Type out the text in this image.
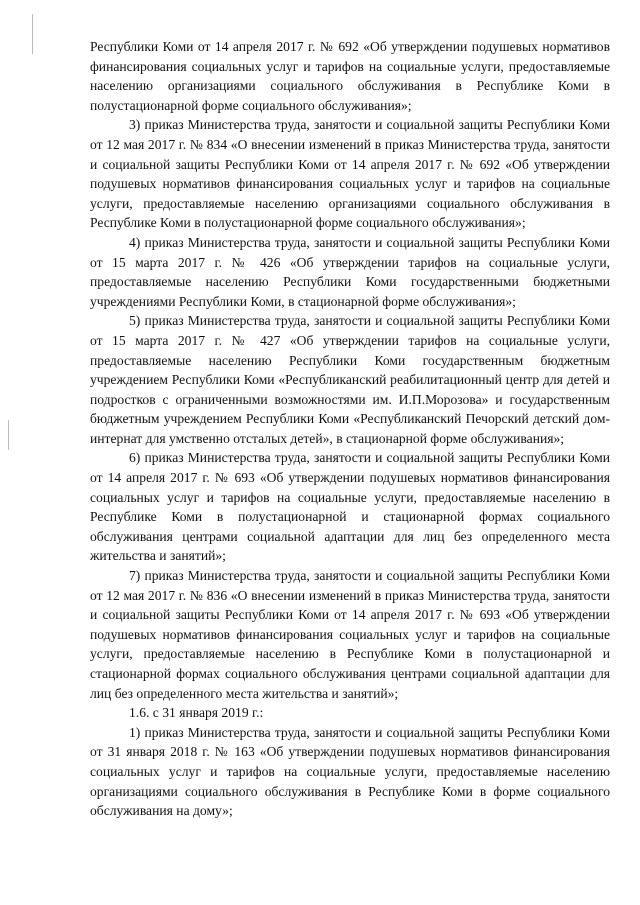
Республики Коми от 14 апреля 2017 г. № 692 «Об утверждении подушевых нормативов финансирования социальных услуг и тарифов на социальные услуги, предоставляемые населению организациями социального обслуживания в Республике Коми в полустационарной форме социального обслуживания»;

3) приказ Министерства труда, занятости и социальной защиты Республики Коми от 12 мая 2017 г. № 834 «О внесении изменений в приказ Министерства труда, занятости и социальной защиты Республики Коми от 14 апреля 2017 г. № 692 «Об утверждении подушевых нормативов финансирования социальных услуг и тарифов на социальные услуги, предоставляемые населению организациями социального обслуживания в Республике Коми в полустационарной форме социального обслуживания»;

4) приказ Министерства труда, занятости и социальной защиты Республики Коми от 15 марта 2017 г. № 426 «Об утверждении тарифов на социальные услуги, предоставляемые населению Республики Коми государственными бюджетными учреждениями Республики Коми, в стационарной форме обслуживания»;

5) приказ Министерства труда, занятости и социальной защиты Республики Коми от 15 марта 2017 г. № 427 «Об утверждении тарифов на социальные услуги, предоставляемые населению Республики Коми государственным бюджетным учреждением Республики Коми «Республиканский реабилитационный центр для детей и подростков с ограниченными возможностями им. И.П.Морозова» и государственным бюджетным учреждением Республики Коми «Республиканский Печорский детский дом-интернат для умственно отсталых детей», в стационарной форме обслуживания»;

6) приказ Министерства труда, занятости и социальной защиты Республики Коми от 14 апреля 2017 г. № 693 «Об утверждении подушевых нормативов финансирования социальных услуг и тарифов на социальные услуги, предоставляемые населению в Республике Коми в полустационарной и стационарной формах социального обслуживания центрами социальной адаптации для лиц без определенного места жительства и занятий»;

7) приказ Министерства труда, занятости и социальной защиты Республики Коми от 12 мая 2017 г. № 836 «О внесении изменений в приказ Министерства труда, занятости и социальной защиты Республики Коми от 14 апреля 2017 г. № 693 «Об утверждении подушевых нормативов финансирования социальных услуг и тарифов на социальные услуги, предоставляемые населению в Республике Коми в полустационарной и стационарной формах социального обслуживания центрами социальной адаптации для лиц без определенного места жительства и занятий»;

1.6. с 31 января 2019 г.:

1) приказ Министерства труда, занятости и социальной защиты Республики Коми от 31 января 2018 г. № 163 «Об утверждении подушевых нормативов финансирования социальных услуг и тарифов на социальные услуги, предоставляемые населению организациями социального обслуживания в Республике Коми в форме социального обслуживания на дому»;
